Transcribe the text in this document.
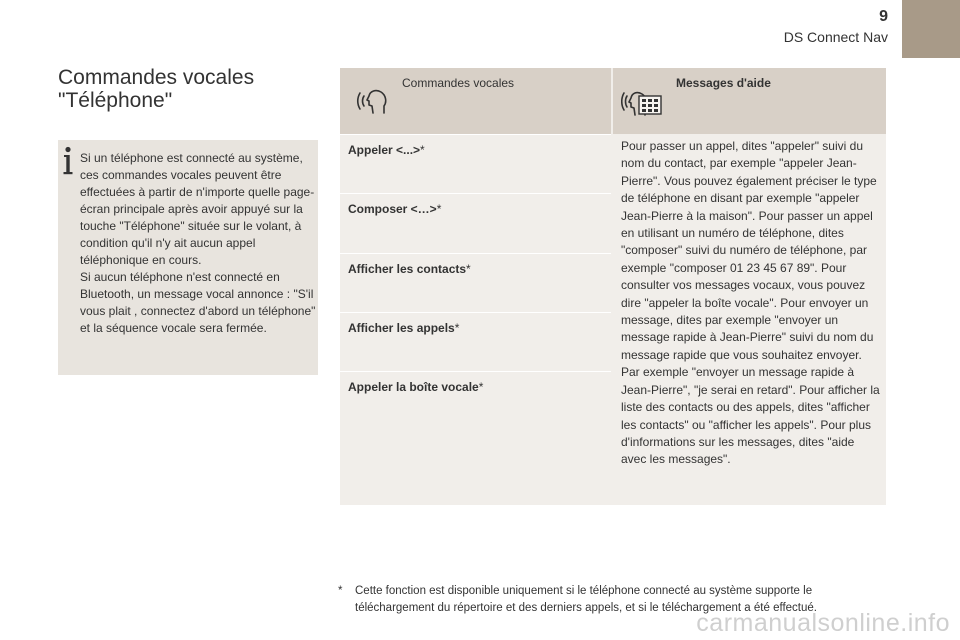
9
DS Connect Nav
Commandes vocales
"Téléphone"

Si un téléphone est connecté au système, ces commandes vocales peuvent être effectuées à partir de n'importe quelle page-écran principale après avoir appuyé sur la touche "Téléphone" située sur le volant, à condition qu'il n'y ait aucun appel téléphonique en cours.

Si aucun téléphone n'est connecté en Bluetooth, un message vocal annonce : "S'il vous plait , connectez d'abord un téléphone" et la séquence vocale sera fermée.

Commandes vocales
Appeler <...>*
Composer <…>*
Afficher les contacts*
Afficher les appels*
Appeler la boîte vocale*
Messages d'aide
Pour passer un appel, dites "appeler" suivi du nom du contact, par exemple "appeler Jean-Pierre". Vous pouvez également préciser le type de téléphone en disant par exemple "appeler Jean-Pierre à la maison". Pour passer un appel en utilisant un numéro de téléphone, dites "composer" suivi du numéro de téléphone, par exemple "composer 01 23 45 67 89". Pour consulter vos messages vocaux, vous pouvez dire "appeler la boîte vocale". Pour envoyer un message, dites par exemple "envoyer un message rapide à Jean-Pierre" suivi du nom du message rapide que vous souhaitez envoyer. Par exemple "envoyer un message rapide à Jean-Pierre", "je serai en retard". Pour afficher la liste des contacts ou des appels, dites "afficher les contacts" ou "afficher les appels". Pour plus d'informations sur les messages, dites "aide avec les messages".
*	Cette fonction est disponible uniquement si le téléphone connecté au système supporte le téléchargement du répertoire et des derniers appels, et si le téléchargement a été effectué.
carmanualsonline.info
